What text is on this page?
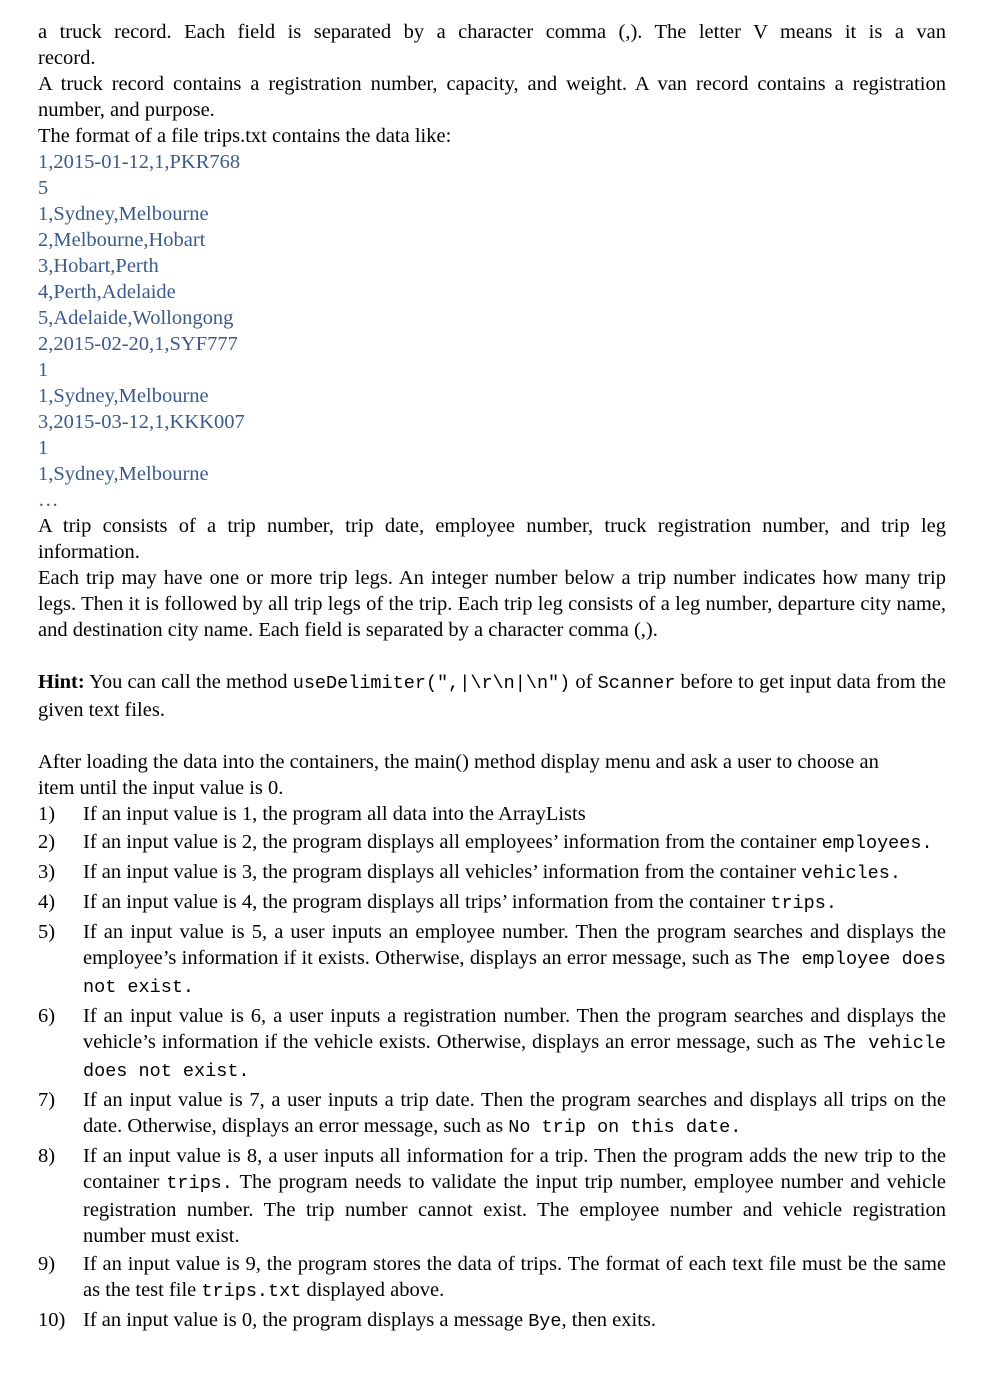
a truck record. Each field is separated by a character comma (,). The letter V means it is a van

record.

A truck record contains a registration number, capacity, and weight. A van record contains a registration number, and purpose.

The format of a file trips.txt contains the data like:

1,2015-01-12,1,PKR768
5
1,Sydney,Melbourne
2,Melbourne,Hobart
3,Hobart,Perth
4,Perth,Adelaide
5,Adelaide,Wollongong
2,2015-02-20,1,SYF777
1
1,Sydney,Melbourne
3,2015-03-12,1,KKK007
1
1,Sydney,Melbourne
…

A trip consists of a trip number, trip date, employee number, truck registration number, and trip leg information.

Each trip may have one or more trip legs. An integer number below a trip number indicates how many trip legs. Then it is followed by all trip legs of the trip. Each trip leg consists of a leg number, departure city name, and destination city name. Each field is separated by a character comma (,).

Hint: You can call the method useDelimiter(",|\r\n|\n") of Scanner before to get input data from the given text files.

After loading the data into the containers, the main() method display menu and ask a user to choose an item until the input value is 0.

1)	If an input value is 1, the program all data into the ArrayLists
2)	If an input value is 2, the program displays all employees’ information from the container employees.
3)	If an input value is 3, the program displays all vehicles’ information from the container vehicles.
4)	If an input value is 4, the program displays all trips’ information from the container trips.
5)	If an input value is 5, a user inputs an employee number. Then the program searches and displays the employee’s information if it exists. Otherwise, displays an error message, such as The employee does not exist.
6)	If an input value is 6, a user inputs a registration number. Then the program searches and displays the vehicle’s information if the vehicle exists. Otherwise, displays an error message, such as The vehicle does not exist.
7)	If an input value is 7, a user inputs a trip date. Then the program searches and displays all trips on the date. Otherwise, displays an error message, such as No trip on this date.
8)	If an input value is 8, a user inputs all information for a trip. Then the program adds the new trip to the container trips. The program needs to validate the input trip number, employee number and vehicle registration number. The trip number cannot exist. The employee number and vehicle registration number must exist.
9)	If an input value is 9, the program stores the data of trips. The format of each text file must be the same as the test file trips.txt displayed above.
10) If an input value is 0, the program displays a message Bye, then exits.
